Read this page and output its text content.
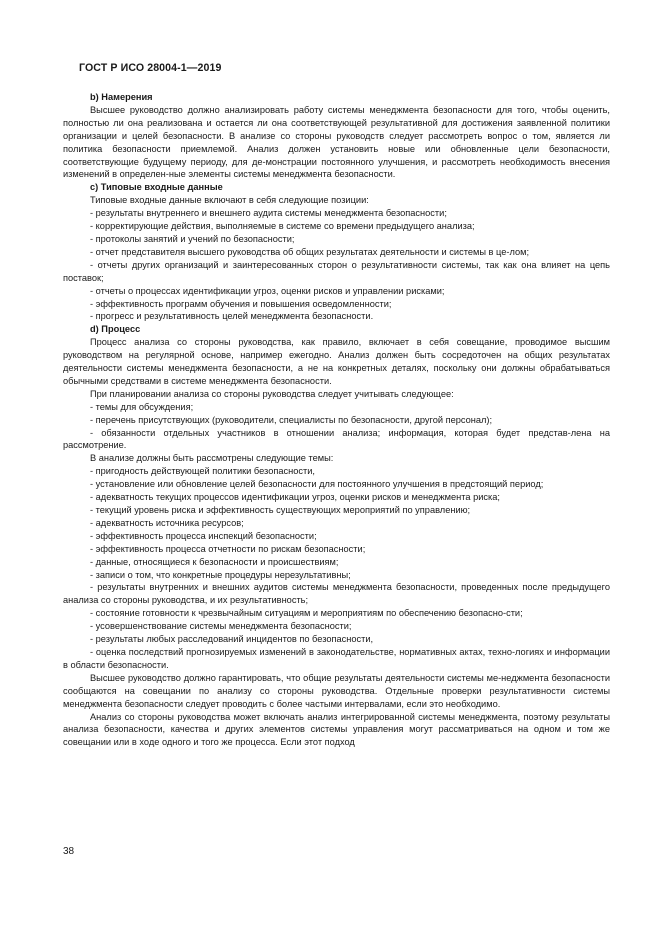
ГОСТ Р ИСО 28004-1—2019

b) Намерения

Высшее руководство должно анализировать работу системы менеджмента безопасности для того, чтобы оценить, полностью ли она реализована и остается ли она соответствующей результативной для достижения заявленной политики организации и целей безопасности. В анализе со стороны руководств следует рассмотреть вопрос о том, является ли политика безопасности приемлемой. Анализ должен установить новые или обновленные цели безопасности, соответствующие будущему периоду, для де-монстрации постоянного улучшения, и рассмотреть необходимость внесения изменений в определен-ные элементы системы менеджмента безопасности.

c) Типовые входные данные

Типовые входные данные включают в себя следующие позиции:

- результаты внутреннего и внешнего аудита системы менеджмента безопасности;

- корректирующие действия, выполняемые в системе со времени предыдущего анализа;

- протоколы занятий и учений по безопасности;

- отчет представителя высшего руководства об общих результатах деятельности и системы в це-лом;

- отчеты других организаций и заинтересованных сторон о результативности системы, так как она влияет на цепь поставок;

- отчеты о процессах идентификации угроз, оценки рисков и управлении рисками;

- эффективность программ обучения и повышения осведомленности;

- прогресс и результативность целей менеджмента безопасности.

d) Процесс

Процесс анализа со стороны руководства, как правило, включает в себя совещание, проводимое высшим руководством на регулярной основе, например ежегодно. Анализ должен быть сосредоточен на общих результатах деятельности системы менеджмента безопасности, а не на конкретных деталях, поскольку они должны обрабатываться обычными средствами в системе менеджмента безопасности.

При планировании анализа со стороны руководства следует учитывать следующее:

- темы для обсуждения;

- перечень присутствующих (руководители, специалисты по безопасности, другой персонал);

- обязанности отдельных участников в отношении анализа; информация, которая будет представ-лена на рассмотрение.

В анализе должны быть рассмотрены следующие темы:

- пригодность действующей политики безопасности,

- установление или обновление целей безопасности для постоянного улучшения в предстоящий период;

- адекватность текущих процессов идентификации угроз, оценки рисков и менеджмента риска;

- текущий уровень риска и эффективность существующих мероприятий по управлению;

- адекватность источника ресурсов;

- эффективность процесса инспекций безопасности;

- эффективность процесса отчетности по рискам безопасности;

- данные, относящиеся к безопасности и происшествиям;

- записи о том, что конкретные процедуры нерезультативны;

- результаты внутренних и внешних аудитов системы менеджмента безопасности, проведенных после предыдущего анализа со стороны руководства, и их результативность;

- состояние готовности к чрезвычайным ситуациям и мероприятиям по обеспечению безопасно-сти;

- усовершенствование системы менеджмента безопасности;

- результаты любых расследований инцидентов по безопасности,

- оценка последствий прогнозируемых изменений в законодательстве, нормативных актах, техно-логиях и информации в области безопасности.

Высшее руководство должно гарантировать, что общие результаты деятельности системы ме-неджмента безопасности сообщаются на совещании по анализу со стороны руководства. Отдельные проверки результативности системы менеджмента безопасности следует проводить с более частыми интервалами, если это необходимо.

Анализ со стороны руководства может включать анализ интегрированной системы менеджмента, поэтому результаты анализа безопасности, качества и других элементов системы управления могут рассматриваться на одном и том же совещании или в ходе одного и того же процесса. Если этот подход

38
